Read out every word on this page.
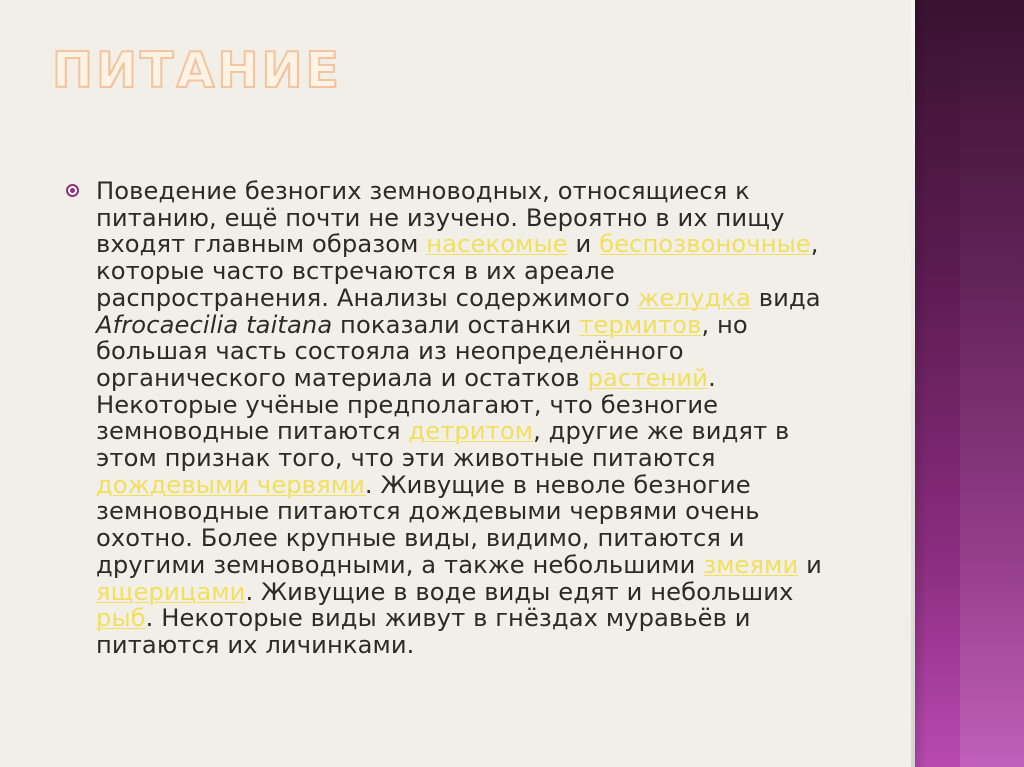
ПИТАНИЕ

Поведение безногих земноводных, относящиеся к питанию, ещё почти не изучено. Вероятно в их пищу входят главным образом насекомые и беспозвоночные, которые часто встречаются в их ареале распространения. Анализы содержимого желудка вида Afrocaecilia taitana показали останки термитов, но большая часть состояла из неопределённого органического материала и остатков растений. Некоторые учёные предполагают, что безногие земноводные питаются детритом, другие же видят в этом признак того, что эти животные питаются дождевыми червями. Живущие в неволе безногие земноводные питаются дождевыми червями очень охотно. Более крупные виды, видимо, питаются и другими земноводными, а также небольшими змеями и ящерицами. Живущие в воде виды едят и небольших рыб. Некоторые виды живут в гнёздах муравьёв и питаются их личинками.
